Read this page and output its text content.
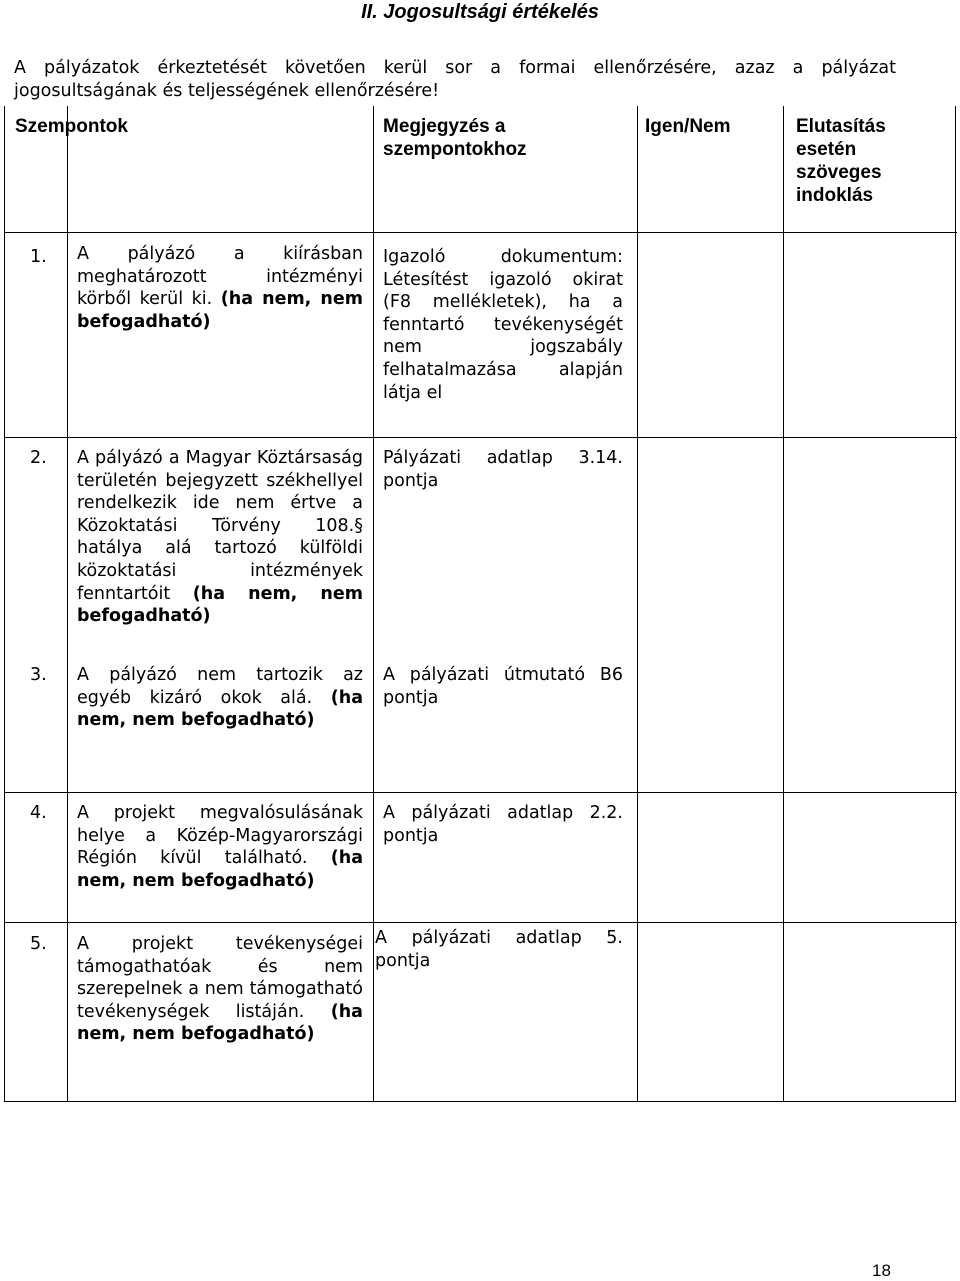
II. Jogosultsági értékelés
A pályázatok érkeztetését követően kerül sor a formai ellenőrzésére, azaz a pályázat jogosultságának és teljességének ellenőrzésére!
Szempontok	Megjegyzés a szempontokhoz
Igen/Nem	Elutasítás esetén szöveges indoklás
1. A pályázó a kiírásban meghatározott intézményi körből kerül ki. (ha nem, nem befogadható)
Igazoló dokumentum: Létesítést igazoló okirat (F8 mellékletek), ha a fenntartó tevékenységét nem jogszabály felhatalmazása alapján látja el
2. A pályázó a Magyar Köztársaság területén bejegyzett székhellyel rendelkezik ide nem értve a Közoktatási Törvény 108.§ hatálya alá tartozó külföldi közoktatási intézmények fenntartóit (ha nem, nem befogadható)
Pályázati adatlap 3.14. pontja
3. A pályázó nem tartozik az egyéb kizáró okok alá. (ha nem, nem befogadható)
A pályázati útmutató B6 pontja
4. A projekt megvalósulásának helye a Közép-Magyarországi Régión kívül található. (ha nem, nem befogadható)
A pályázati adatlap 2.2. pontja
5. A projekt tevékenységei támogathatóak és nem szerepelnek a nem támogatható tevékenységek listáján. (ha nem, nem befogadható)
A pályázati adatlap 5. pontja
18
